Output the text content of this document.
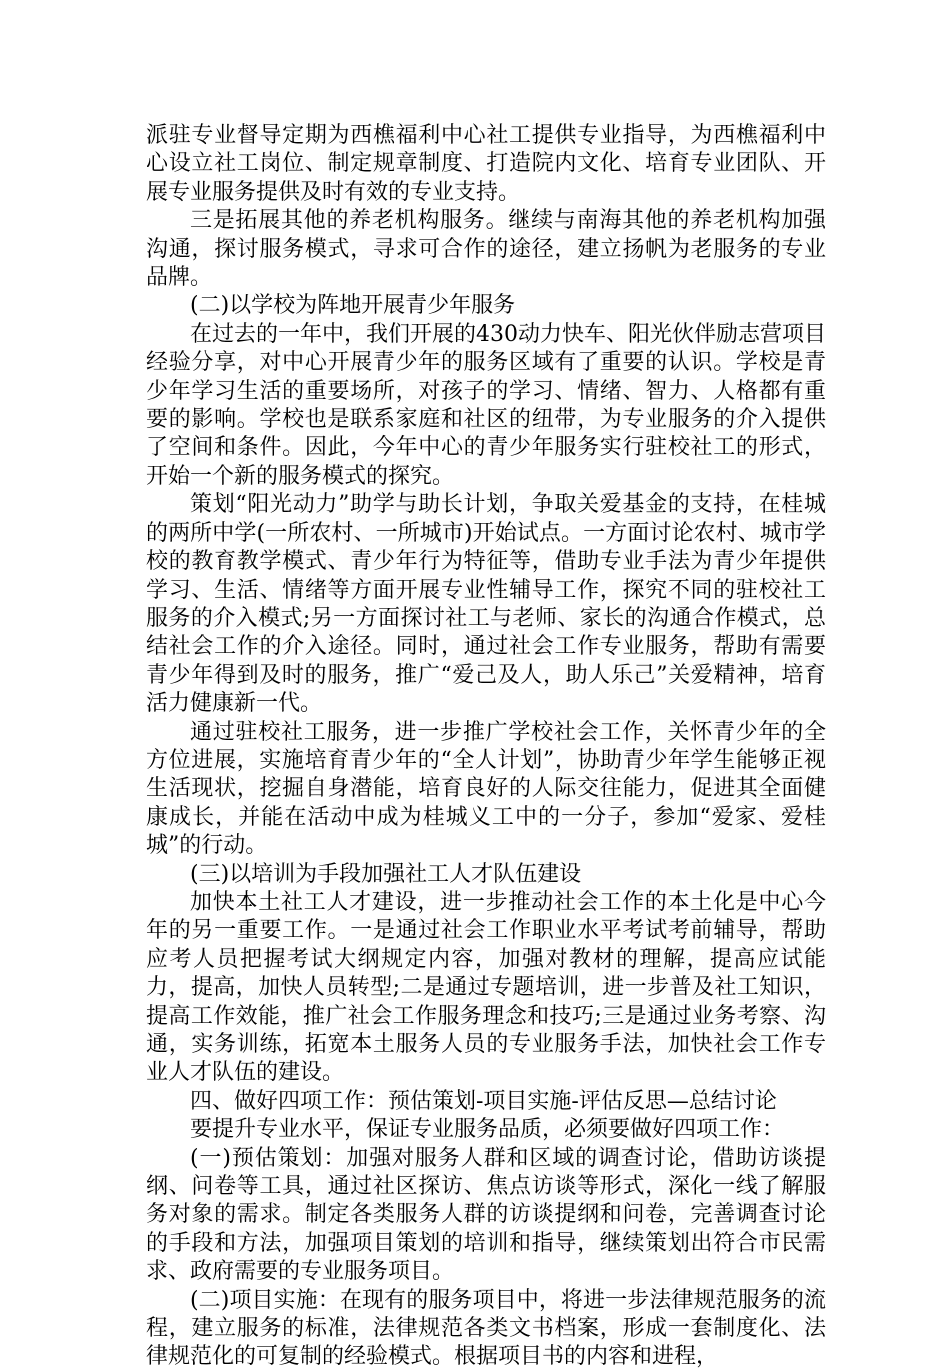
派驻专业督导定期为西樵福利中心社工提供专业指导，为西樵福利中心设立社工岗位、制定规章制度、打造院内文化、培育专业团队、开展专业服务提供及时有效的专业支持。

三是拓展其他的养老机构服务。继续与南海其他的养老机构加强沟通，探讨服务模式，寻求可合作的途径，建立扬帆为老服务的专业品牌。

(二)以学校为阵地开展青少年服务

在过去的一年中，我们开展的430动力快车、阳光伙伴励志营项目经验分享，对中心开展青少年的服务区域有了重要的认识。学校是青少年学习生活的重要场所，对孩子的学习、情绪、智力、人格都有重要的影响。学校也是联系家庭和社区的纽带，为专业服务的介入提供了空间和条件。因此，今年中心的青少年服务实行驻校社工的形式，开始一个新的服务模式的探究。

策划“阳光动力”助学与助长计划，争取关爱基金的支持，在桂城的两所中学(一所农村、一所城市)开始试点。一方面讨论农村、城市学校的教育教学模式、青少年行为特征等，借助专业手法为青少年提供学习、生活、情绪等方面开展专业性辅导工作，探究不同的驻校社工服务的介入模式;另一方面探讨社工与老师、家长的沟通合作模式，总结社会工作的介入途径。同时，通过社会工作专业服务，帮助有需要青少年得到及时的服务，推广“爱己及人，助人乐己”关爱精神，培育活力健康新一代。

通过驻校社工服务，进一步推广学校社会工作，关怀青少年的全方位进展，实施培育青少年的“全人计划”，协助青少年学生能够正视生活现状，挖掘自身潜能，培育良好的人际交往能力，促进其全面健康成长，并能在活动中成为桂城义工中的一分子，参加“爱家、爱桂城”的行动。

(三)以培训为手段加强社工人才队伍建设

加快本土社工人才建设，进一步推动社会工作的本土化是中心今年的另一重要工作。一是通过社会工作职业水平考试考前辅导，帮助应考人员把握考试大纲规定内容，加强对教材的理解，提高应试能力，提高，加快人员转型;二是通过专题培训，进一步普及社工知识，提高工作效能，推广社会工作服务理念和技巧;三是通过业务考察、沟通，实务训练，拓宽本土服务人员的专业服务手法，加快社会工作专业人才队伍的建设。

四、做好四项工作：预估策划-项目实施-评估反思—总结讨论

要提升专业水平，保证专业服务品质，必须要做好四项工作：

(一)预估策划：加强对服务人群和区域的调查讨论，借助访谈提纲、问卷等工具，通过社区探访、焦点访谈等形式，深化一线了解服务对象的需求。制定各类服务人群的访谈提纲和问卷，完善调查讨论的手段和方法，加强项目策划的培训和指导，继续策划出符合市民需求、政府需要的专业服务项目。

(二)项目实施：在现有的服务项目中，将进一步法律规范服务的流程，建立服务的标准，法律规范各类文书档案，形成一套制度化、法律规范化的可复制的经验模式。根据项目书的内容和进程，
